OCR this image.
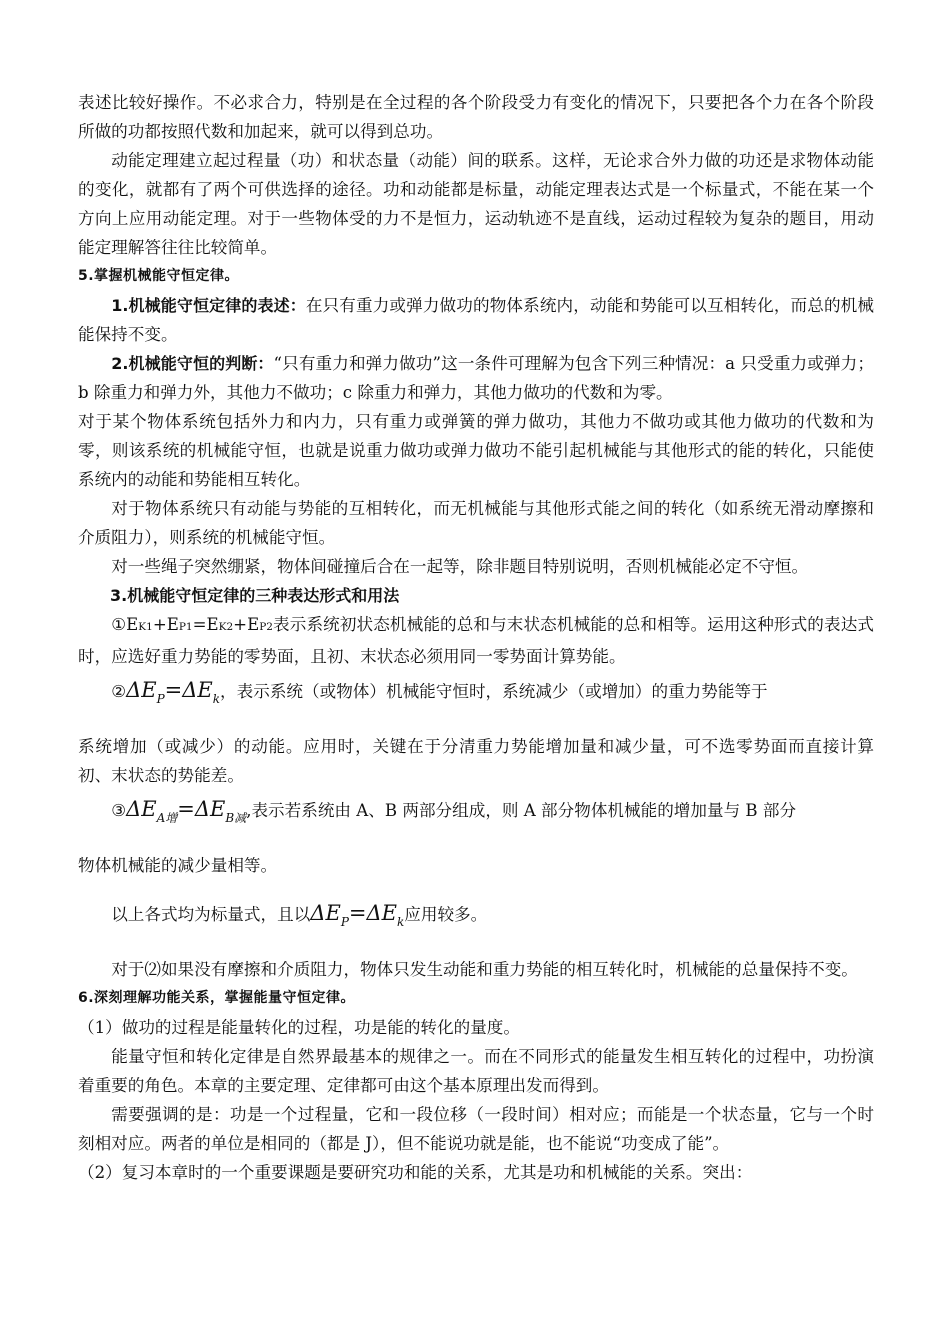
表述比较好操作。不必求合力，特别是在全过程的各个阶段受力有变化的情况下，只要把各个力在各个阶段所做的功都按照代数和加起来，就可以得到总功。

动能定理建立起过程量（功）和状态量（动能）间的联系。这样，无论求合外力做的功还是求物体动能的变化，就都有了两个可供选择的途径。功和动能都是标量，动能定理表达式是一个标量式，不能在某一个方向上应用动能定理。对于一些物体受的力不是恒力，运动轨迹不是直线，运动过程较为复杂的题目，用动能定理解答往往比较简单。

5.掌握机械能守恒定律。

1.机械能守恒定律的表述：在只有重力或弹力做功的物体系统内，动能和势能可以互相转化，而总的机械能保持不变。

2.机械能守恒的判断：“只有重力和弹力做功”这一条件可理解为包含下列三种情况：a 只受重力或弹力；b 除重力和弹力外，其他力不做功；c 除重力和弹力，其他力做功的代数和为零。

对于某个物体系统包括外力和内力，只有重力或弹簧的弹力做功，其他力不做功或其他力做功的代数和为零，则该系统的机械能守恒，也就是说重力做功或弹力做功不能引起机械能与其他形式的能的转化，只能使系统内的动能和势能相互转化。

对于物体系统只有动能与势能的互相转化，而无机械能与其他形式能之间的转化（如系统无滑动摩擦和介质阻力），则系统的机械能守恒。

对一些绳子突然绷紧，物体间碰撞后合在一起等，除非题目特别说明，否则机械能必定不守恒。

3.机械能守恒定律的三种表达形式和用法

①EK1+EP1=EK2+EP2表示系统初状态机械能的总和与末状态机械能的总和相等。运用这种形式的表达式时，应选好重力势能的零势面，且初、末状态必须用同一零势面计算势能。

$②\Delta E_P=\Delta E_k$，表示系统（或物体）机械能守恒时，系统减少（或增加）的重力势能等于

系统增加（或减少）的动能。应用时，关键在于分清重力势能增加量和减少量，可不选零势面而直接计算初、末状态的势能差。

$③\Delta E_{A增}=\Delta E_{B减}$,表示若系统由 A、B 两部分组成，则 A 部分物体机械能的增加量与 B 部分

物体机械能的减少量相等。

以上各式均为标量式，且以$\Delta E_P=\Delta E_k$应用较多。

对于⑵如果没有摩擦和介质阻力，物体只发生动能和重力势能的相互转化时，机械能的总量保持不变。

6.深刻理解功能关系，掌握能量守恒定律。

（1）做功的过程是能量转化的过程，功是能的转化的量度。

能量守恒和转化定律是自然界最基本的规律之一。而在不同形式的能量发生相互转化的过程中，功扮演着重要的角色。本章的主要定理、定律都可由这个基本原理出发而得到。

需要强调的是：功是一个过程量，它和一段位移（一段时间）相对应；而能是一个状态量，它与一个时刻相对应。两者的单位是相同的（都是 J），但不能说功就是能，也不能说“功变成了能”。

（2）复习本章时的一个重要课题是要研究功和能的关系，尤其是功和机械能的关系。突出：
